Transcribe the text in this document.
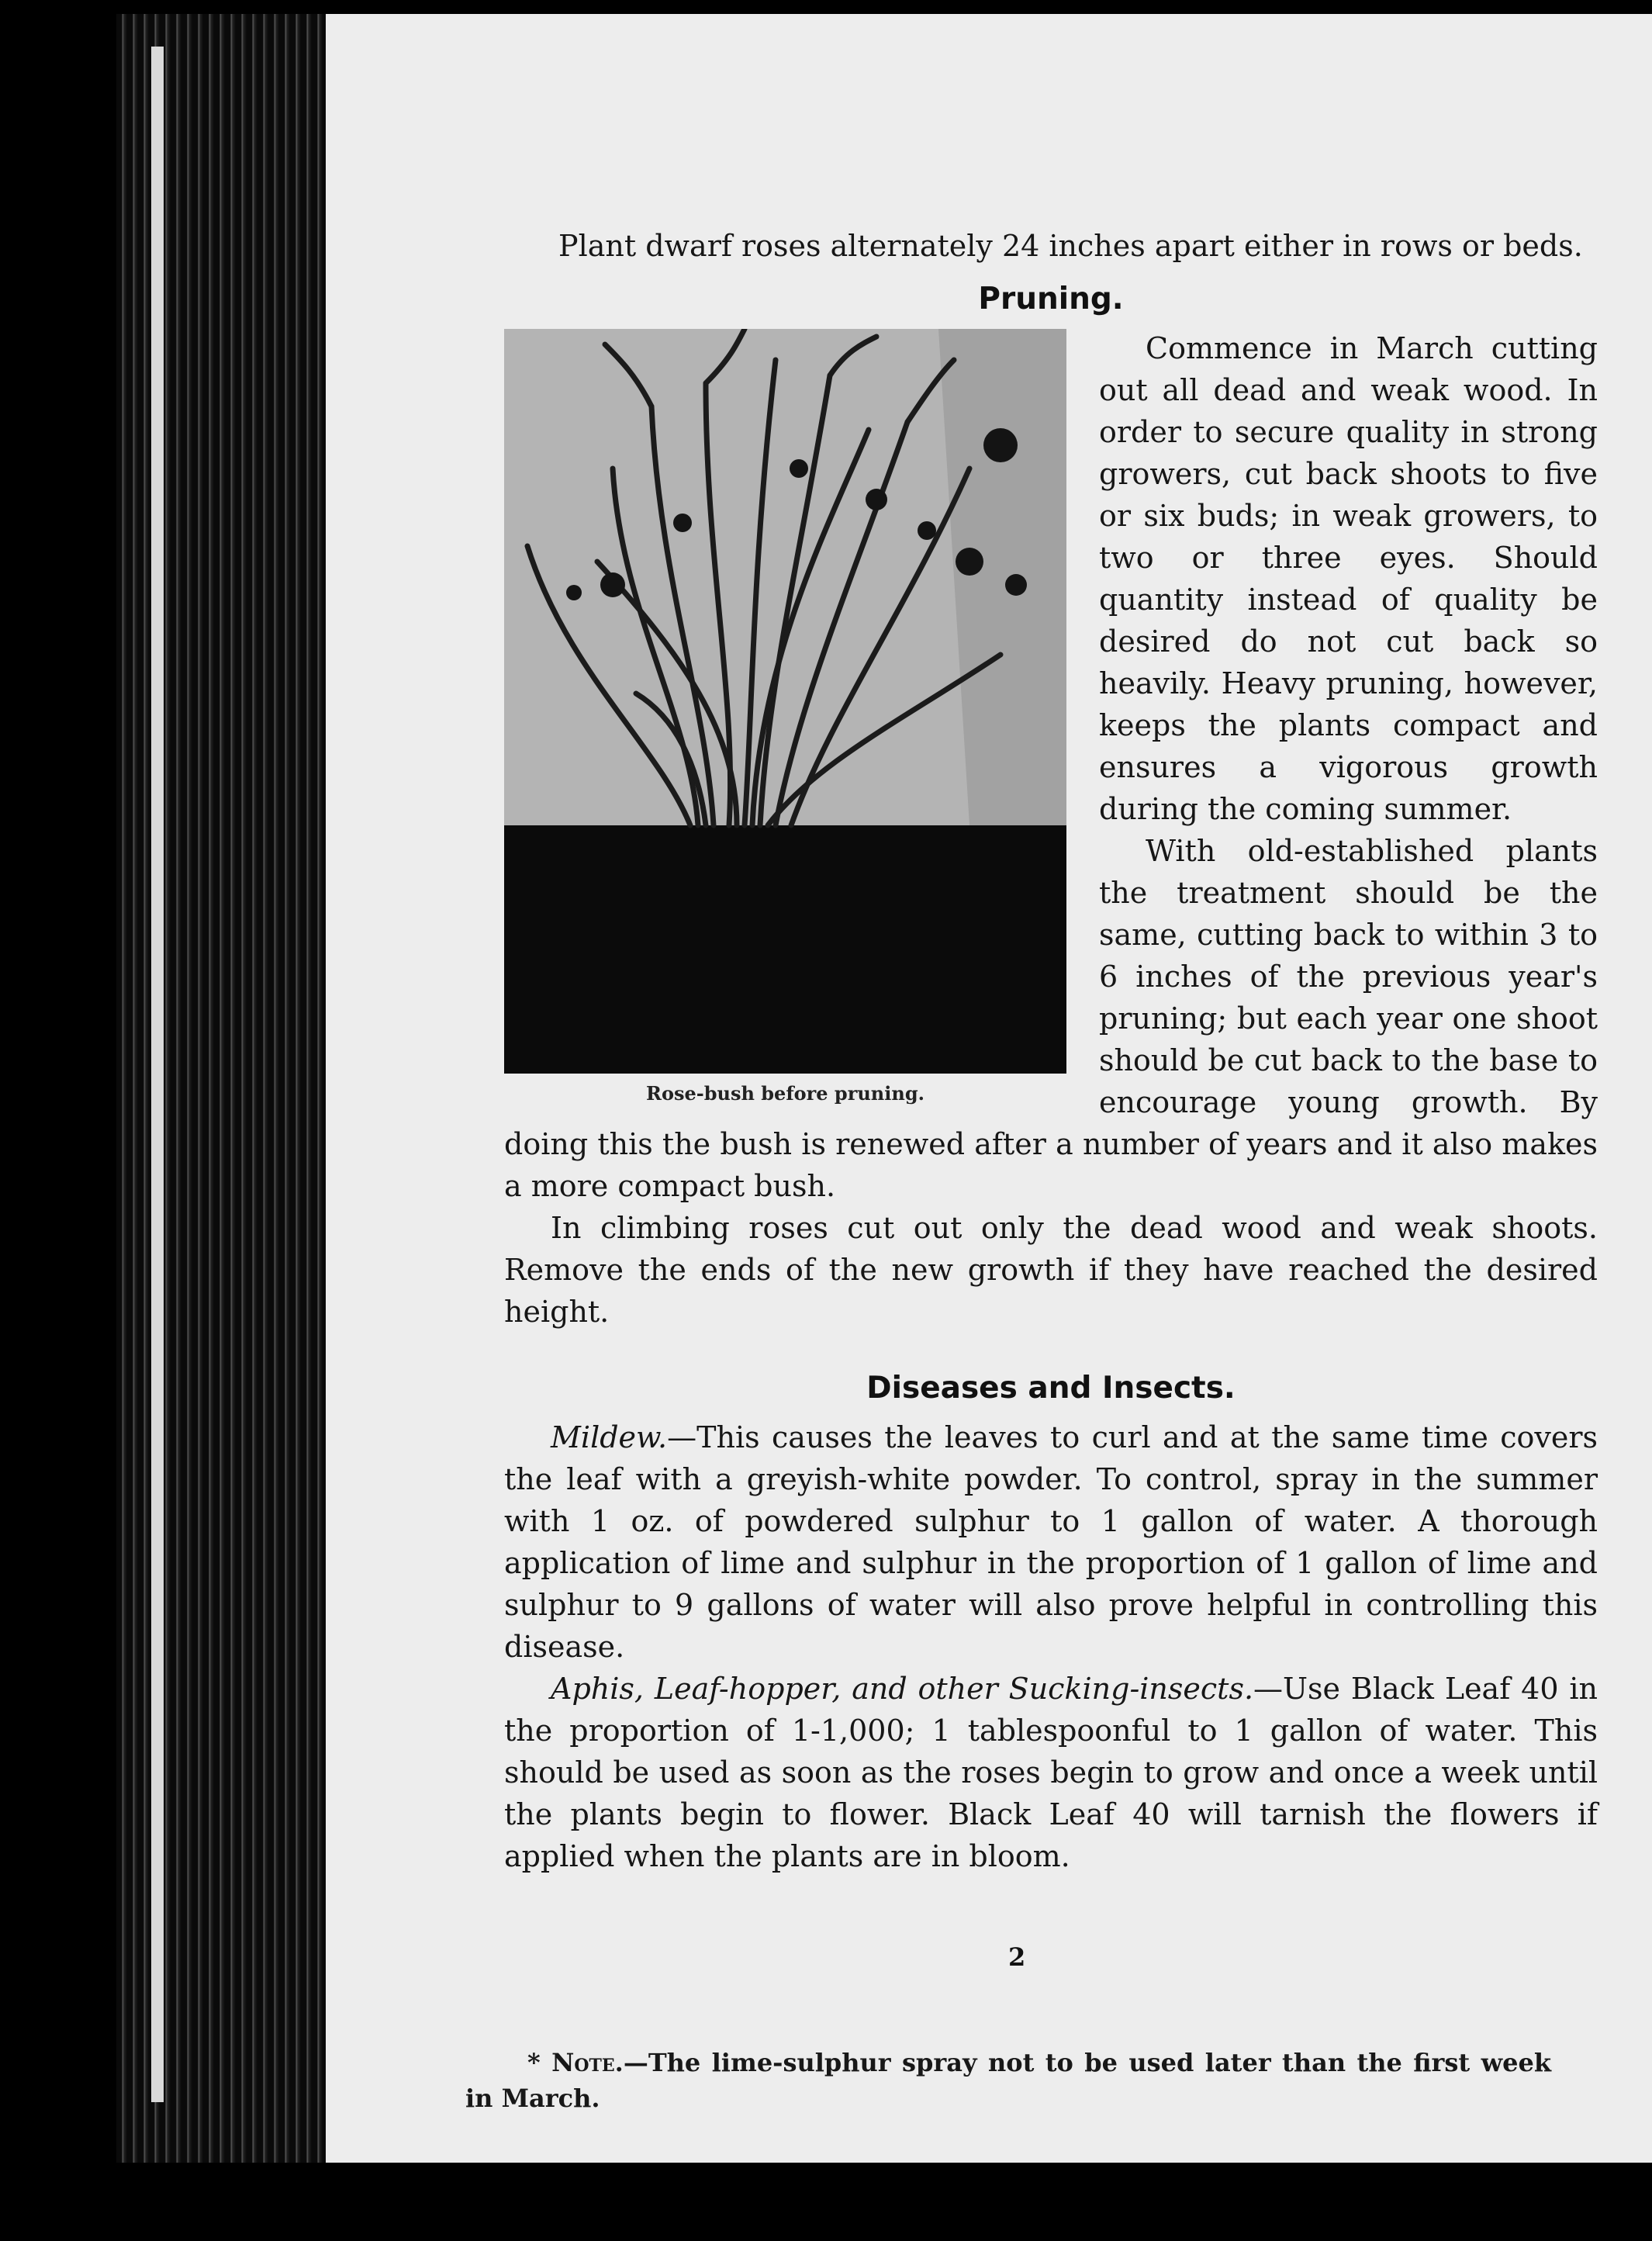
Plant dwarf roses alternately 24 inches apart either in rows or beds.

Pruning.
Rose-bush before pruning.

Commence in March cutting out all dead and weak wood. In order to secure quality in strong growers, cut back shoots to five or six buds; in weak growers, to two or three eyes. Should quantity instead of quality be desired do not cut back so heavily. Heavy pruning, however, keeps the plants compact and ensures a vigorous growth during the coming summer.

With old-established plants the treatment should be the same, cutting back to within 3 to 6 inches of the previous year's pruning; but each year one shoot should be cut back to the base to encourage young growth. By doing this the bush is renewed after a number of years and it also makes a more compact bush.

In climbing roses cut out only the dead wood and weak shoots. Remove the ends of the new growth if they have reached the desired height.

Diseases and Insects.

Mildew.—This causes the leaves to curl and at the same time covers the leaf with a greyish-white powder. To control, spray in the summer with 1 oz. of powdered sulphur to 1 gallon of water. A thorough application of lime and sulphur in the proportion of 1 gallon of lime and sulphur to 9 gallons of water will also prove helpful in controlling this disease.

Aphis, Leaf-hopper, and other Sucking-insects.—Use Black Leaf 40 in the proportion of 1-1,000; 1 tablespoonful to 1 gallon of water. This should be used as soon as the roses begin to grow and once a week until the plants begin to flower. Black Leaf 40 will tarnish the flowers if applied when the plants are in bloom.

2
* Note.—The lime-sulphur spray not to be used later than the first week in March.
